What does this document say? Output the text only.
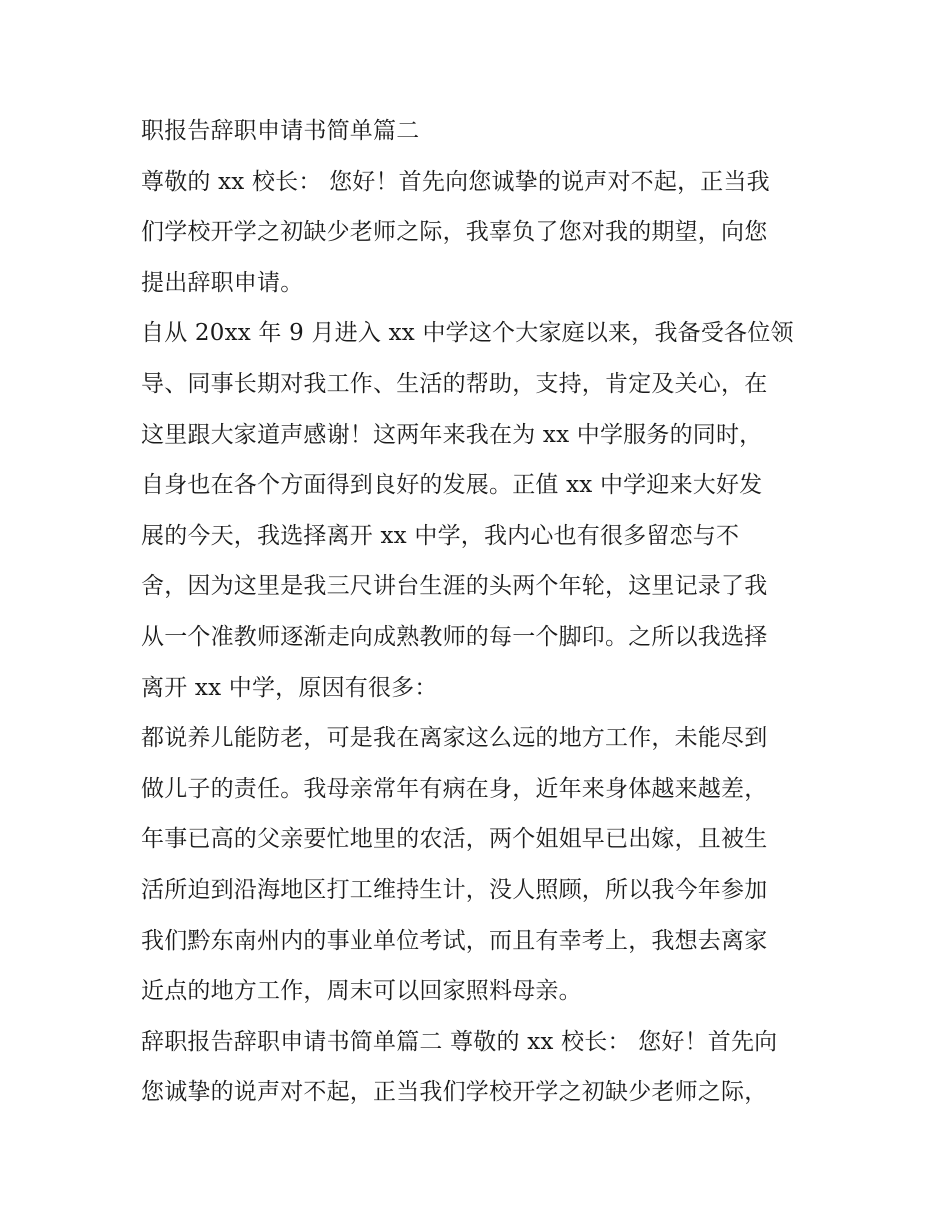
职报告辞职申请书简单篇二
尊敬的 xx 校长： 您好！首先向您诚挚的说声对不起，正当我
们学校开学之初缺少老师之际，我辜负了您对我的期望，向您
提出辞职申请。
自从 20xx 年 9 月进入 xx 中学这个大家庭以来，我备受各位领
导、同事长期对我工作、生活的帮助，支持，肯定及关心，在
这里跟大家道声感谢！这两年来我在为 xx 中学服务的同时，
自身也在各个方面得到良好的发展。正值 xx 中学迎来大好发
展的今天，我选择离开 xx 中学，我内心也有很多留恋与不
舍，因为这里是我三尺讲台生涯的头两个年轮，这里记录了我
从一个准教师逐渐走向成熟教师的每一个脚印。之所以我选择
离开 xx 中学，原因有很多：
都说养儿能防老，可是我在离家这么远的地方工作，未能尽到
做儿子的责任。我母亲常年有病在身，近年来身体越来越差，
年事已高的父亲要忙地里的农活，两个姐姐早已出嫁，且被生
活所迫到沿海地区打工维持生计，没人照顾，所以我今年参加
我们黔东南州内的事业单位考试，而且有幸考上，我想去离家
近点的地方工作，周末可以回家照料母亲。
辞职报告辞职申请书简单篇二 尊敬的 xx 校长： 您好！首先向
您诚挚的说声对不起，正当我们学校开学之初缺少老师之际，
